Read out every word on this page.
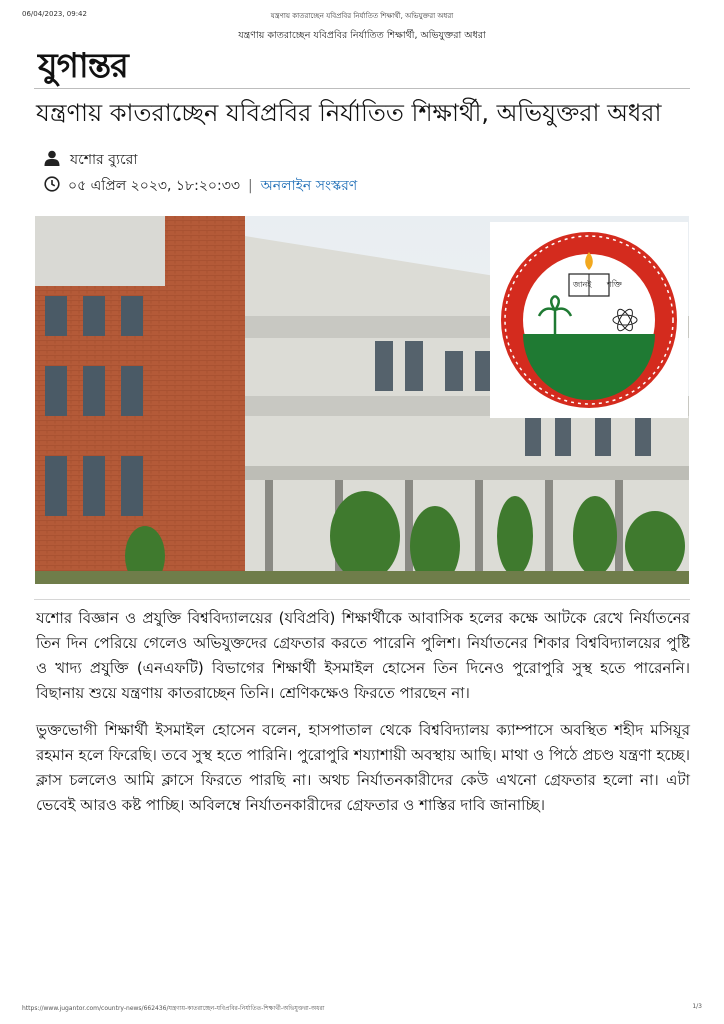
06/04/2023, 09:42	যন্ত্রণায় কাতরাচ্ছেন যবিপ্রবির নির্যাতিত শিক্ষার্থী, অভিযুক্তরা অধরা
যন্ত্রণায় কাতরাচ্ছেন যবিপ্রবির নির্যাতিত শিক্ষার্থী, অভিযুক্তরা অধরা
যুগান্তর
যন্ত্রণায় কাতরাচ্ছেন যবিপ্রবির নির্যাতিত শিক্ষার্থী, অভিযুক্তরা অধরা
যশোর ব্যুরো
০৫ এপ্রিল ২০২৩, ১৮:২০:৩৩ | অনলাইন সংস্করণ
জানই শক্তি

যশোর বিজ্ঞান ও প্রযুক্তি বিশ্ববিদ্যালয়ের (যবিপ্রবি) শিক্ষার্থীকে আবাসিক হলের কক্ষে আটকে রেখে নির্যাতনের তিন দিন পেরিয়ে গেলেও অভিযুক্তদের গ্রেফতার করতে পারেনি পুলিশ। নির্যাতনের শিকার বিশ্ববিদ্যালয়ের পুষ্টি ও খাদ্য প্রযুক্তি (এনএফটি) বিভাগের শিক্ষার্থী ইসমাইল হোসেন তিন দিনেও পুরোপুরি সুস্থ হতে পারেননি। বিছানায় শুয়ে যন্ত্রণায় কাতরাচ্ছেন তিনি। শ্রেণিকক্ষেও ফিরতে পারছেন না।

ভুক্তভোগী শিক্ষার্থী ইসমাইল হোসেন বলেন, হাসপাতাল থেকে বিশ্ববিদ্যালয় ক্যাম্পাসে অবস্থিত শহীদ মসিয়ূর রহমান হলে ফিরেছি। তবে সুস্থ হতে পারিনি। পুরোপুরি শয্যাশায়ী অবস্থায় আছি। মাথা ও পিঠে প্রচণ্ড যন্ত্রণা হচ্ছে। ক্লাস চললেও আমি ক্লাসে ফিরতে পারছি না। অথচ নির্যাতনকারীদের কেউ এখনো গ্রেফতার হলো না। এটা ভেবেই আরও কষ্ট পাচ্ছি। অবিলম্বে নির্যাতনকারীদের গ্রেফতার ও শাস্তির দাবি জানাচ্ছি।

https://www.jugantor.com/country-news/662436/যন্ত্রণায়-কাতরাচ্ছেন-যবিপ্রবির-নির্যাতিত-শিক্ষার্থী-অভিযুক্তরা-অধরা	1/3
